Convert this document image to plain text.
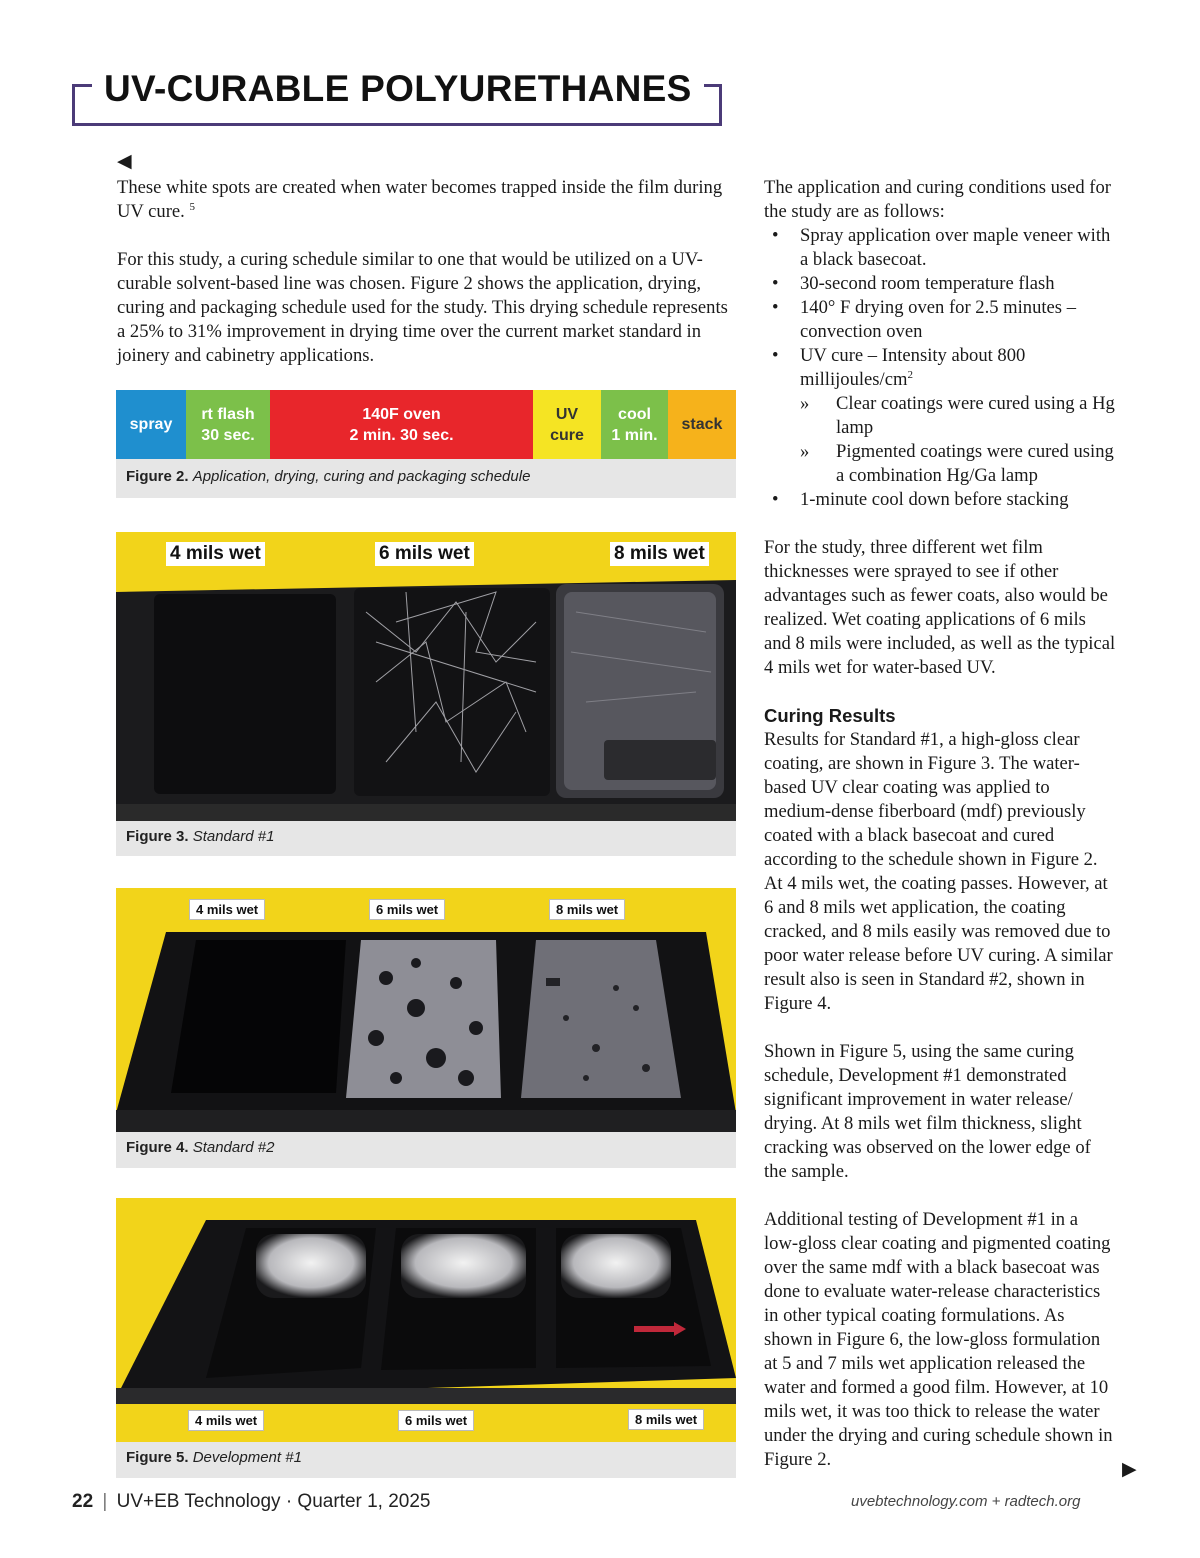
UV-CURABLE POLYURETHANES
◀

These white spots are created when water becomes trapped inside the film during UV cure. $^5$

For this study, a curing schedule similar to one that would be utilized on a UV-curable solvent-based line was chosen. Figure 2 shows the application, drying, curing and packaging schedule used for the study. This drying schedule represents a 25% to 31% improvement in drying time over the current market standard in joinery and cabinetry applications.

spray
rt flash
30 sec.
140F oven
2 min. 30 sec.
UV
cure
cool
1 min.
stack
Figure 2. Application, drying, curing and packaging schedule
4 mils wet	6 mils wet	8 mils wet
Figure 3. Standard #1
4 mils wet	6 mils wet	8 mils wet
Figure 4. Standard #2
4 mils wet	6 mils wet	8 mils wet
Figure 5. Development #1

The application and curing conditions used for the study are as follows:

• Spray application over maple veneer with a black basecoat.
• 30-second room temperature flash
• 140° F drying oven for 2.5 minutes – convection oven
• UV cure – Intensity about 800 millijoules/$cm^2$
» Clear coatings were cured using a Hg lamp
» Pigmented coatings were cured using a combination Hg/Ga lamp
• 1-minute cool down before stacking

For the study, three different wet film thicknesses were sprayed to see if other advantages such as fewer coats, also would be realized. Wet coating applications of 6 mils and 8 mils were included, as well as the typical 4 mils wet for water-based UV.

Curing Results

Results for Standard #1, a high-gloss clear coating, are shown in Figure 3. The water-based UV clear coating was applied to medium-dense fiberboard (mdf) previously coated with a black basecoat and cured according to the schedule shown in Figure 2. At 4 mils wet, the coating passes. However, at 6 and 8 mils wet application, the coating cracked, and 8 mils easily was removed due to poor water release before UV curing. A similar result also is seen in Standard #2, shown in Figure 4.

Shown in Figure 5, using the same curing schedule, Development #1 demonstrated significant improvement in water release/ drying. At 8 mils wet film thickness, slight cracking was observed on the lower edge of the sample.

Additional testing of Development #1 in a low-gloss clear coating and pigmented coating over the same mdf with a black basecoat was done to evaluate water-release characteristics in other typical coating formulations. As shown in Figure 6, the low-gloss formulation at 5 and 7 mils wet application released the water and formed a good film. However, at 10 mils wet, it was too thick to release the water under the drying and curing schedule shown in Figure 2.	▶
22 | UV+EB Technology · Quarter 1, 2025	uvebtechnology.com + radtech.org
